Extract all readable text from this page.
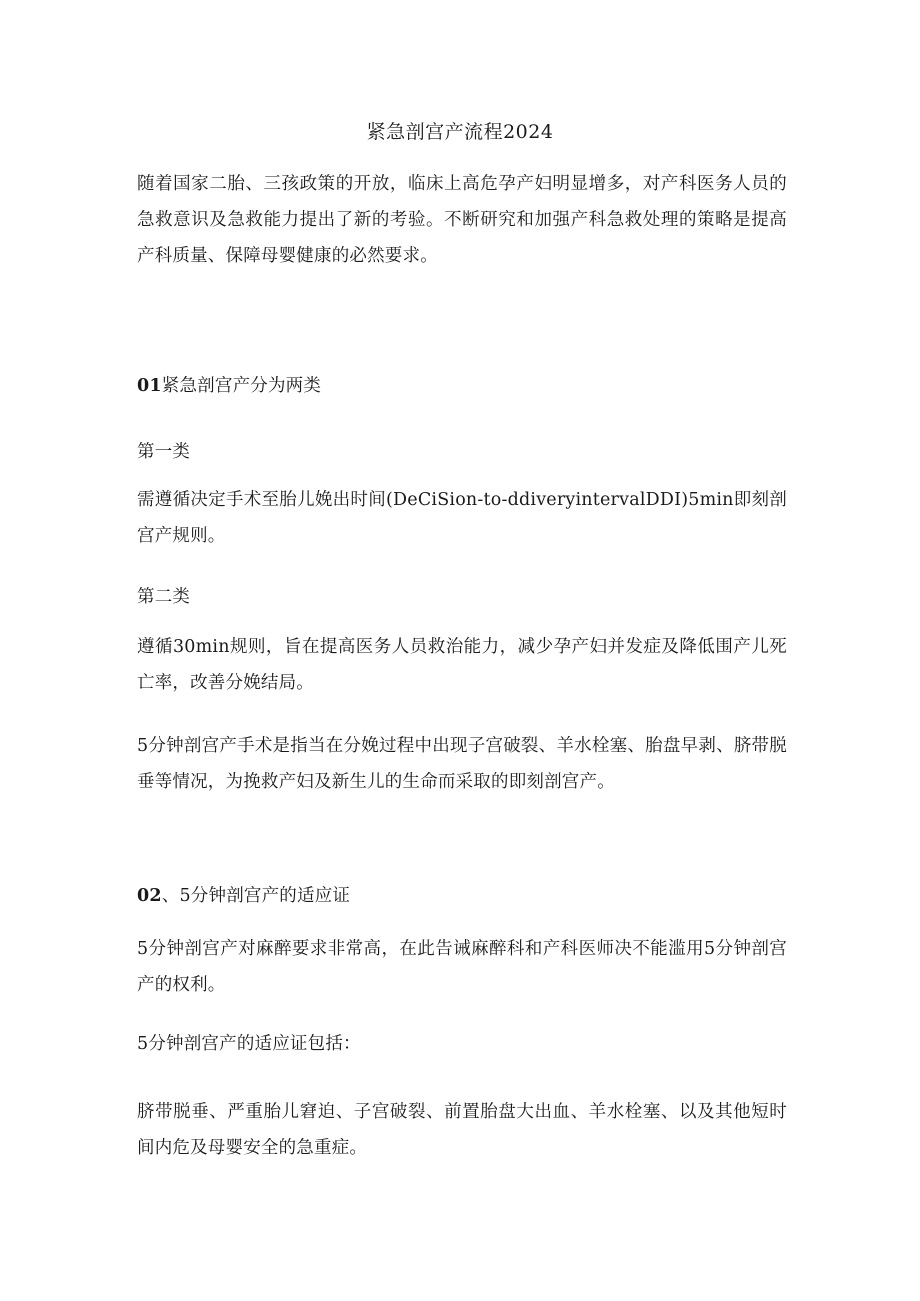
紧急剖宫产流程2024

随着国家二胎、三孩政策的开放，临床上高危孕产妇明显增多，对产科医务人员的急救意识及急救能力提出了新的考验。不断研究和加强产科急救处理的策略是提高产科质量、保障母婴健康的必然要求。

01紧急剖宫产分为两类

第一类

需遵循决定手术至胎儿娩出时间(DeCiSion-to-ddiveryintervalDDI)5min即刻剖宫产规则。

第二类

遵循30min规则，旨在提高医务人员救治能力，减少孕产妇并发症及降低围产儿死亡率，改善分娩结局。

5分钟剖宫产手术是指当在分娩过程中出现子宫破裂、羊水栓塞、胎盘早剥、脐带脱垂等情况，为挽救产妇及新生儿的生命而采取的即刻剖宫产。

02、5分钟剖宫产的适应证

5分钟剖宫产对麻醉要求非常高，在此告诫麻醉科和产科医师决不能滥用5分钟剖宫产的权利。

5分钟剖宫产的适应证包括：

脐带脱垂、严重胎儿窘迫、子宫破裂、前置胎盘大出血、羊水栓塞、以及其他短时间内危及母婴安全的急重症。
